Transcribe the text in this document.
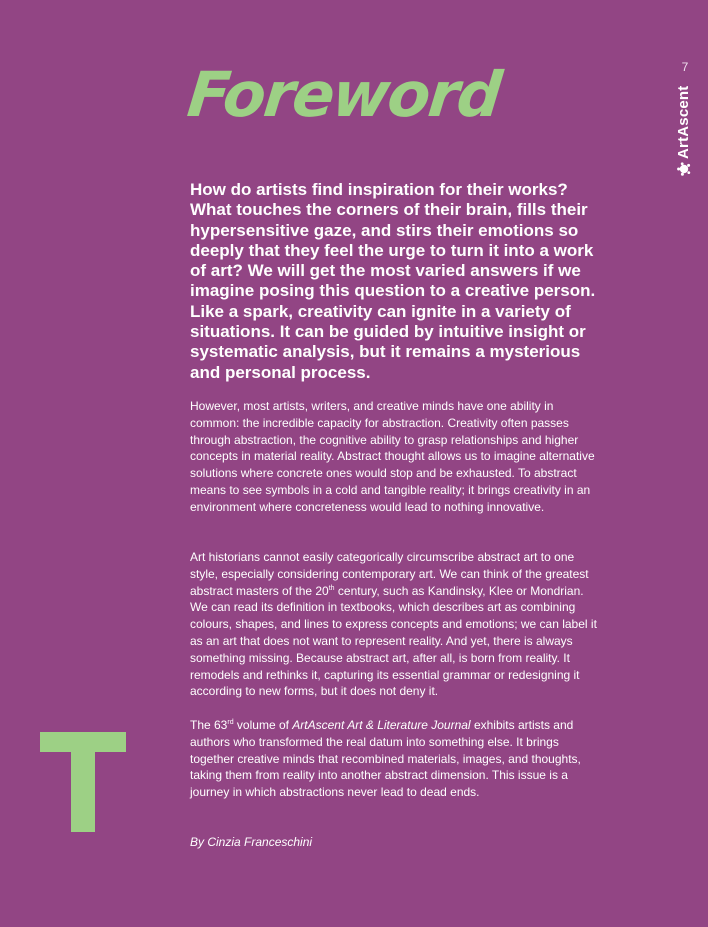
7
ArtAscent
Foreword

How do artists find inspiration for their works? What touches the corners of their brain, fills their hypersensitive gaze, and stirs their emotions so deeply that they feel the urge to turn it into a work of art? We will get the most varied answers if we imagine posing this question to a creative person. Like a spark, creativity can ignite in a variety of situations. It can be guided by intuitive insight or systematic analysis, but it remains a mysterious and personal process.

However, most artists, writers, and creative minds have one ability in common: the incredible capacity for abstraction. Creativity often passes through abstraction, the cognitive ability to grasp relationships and higher concepts in material reality. Abstract thought allows us to imagine alternative solutions where concrete ones would stop and be exhausted. To abstract means to see symbols in a cold and tangible reality; it brings creativity in an environment where concreteness would lead to nothing innovative.

Art historians cannot easily categorically circumscribe abstract art to one style, especially considering contemporary art. We can think of the greatest abstract masters of the 20th century, such as Kandinsky, Klee or Mondrian. We can read its definition in textbooks, which describes art as combining colours, shapes, and lines to express concepts and emotions; we can label it as an art that does not want to represent reality. And yet, there is always something missing. Because abstract art, after all, is born from reality. It remodels and rethinks it, capturing its essential grammar or redesigning it according to new forms, but it does not deny it.

The 63rd volume of ArtAscent Art & Literature Journal exhibits artists and authors who transformed the real datum into something else. It brings together creative minds that recombined materials, images, and thoughts, taking them from reality into another abstract dimension. This issue is a journey in which abstractions never lead to dead ends.

By Cinzia Franceschini
